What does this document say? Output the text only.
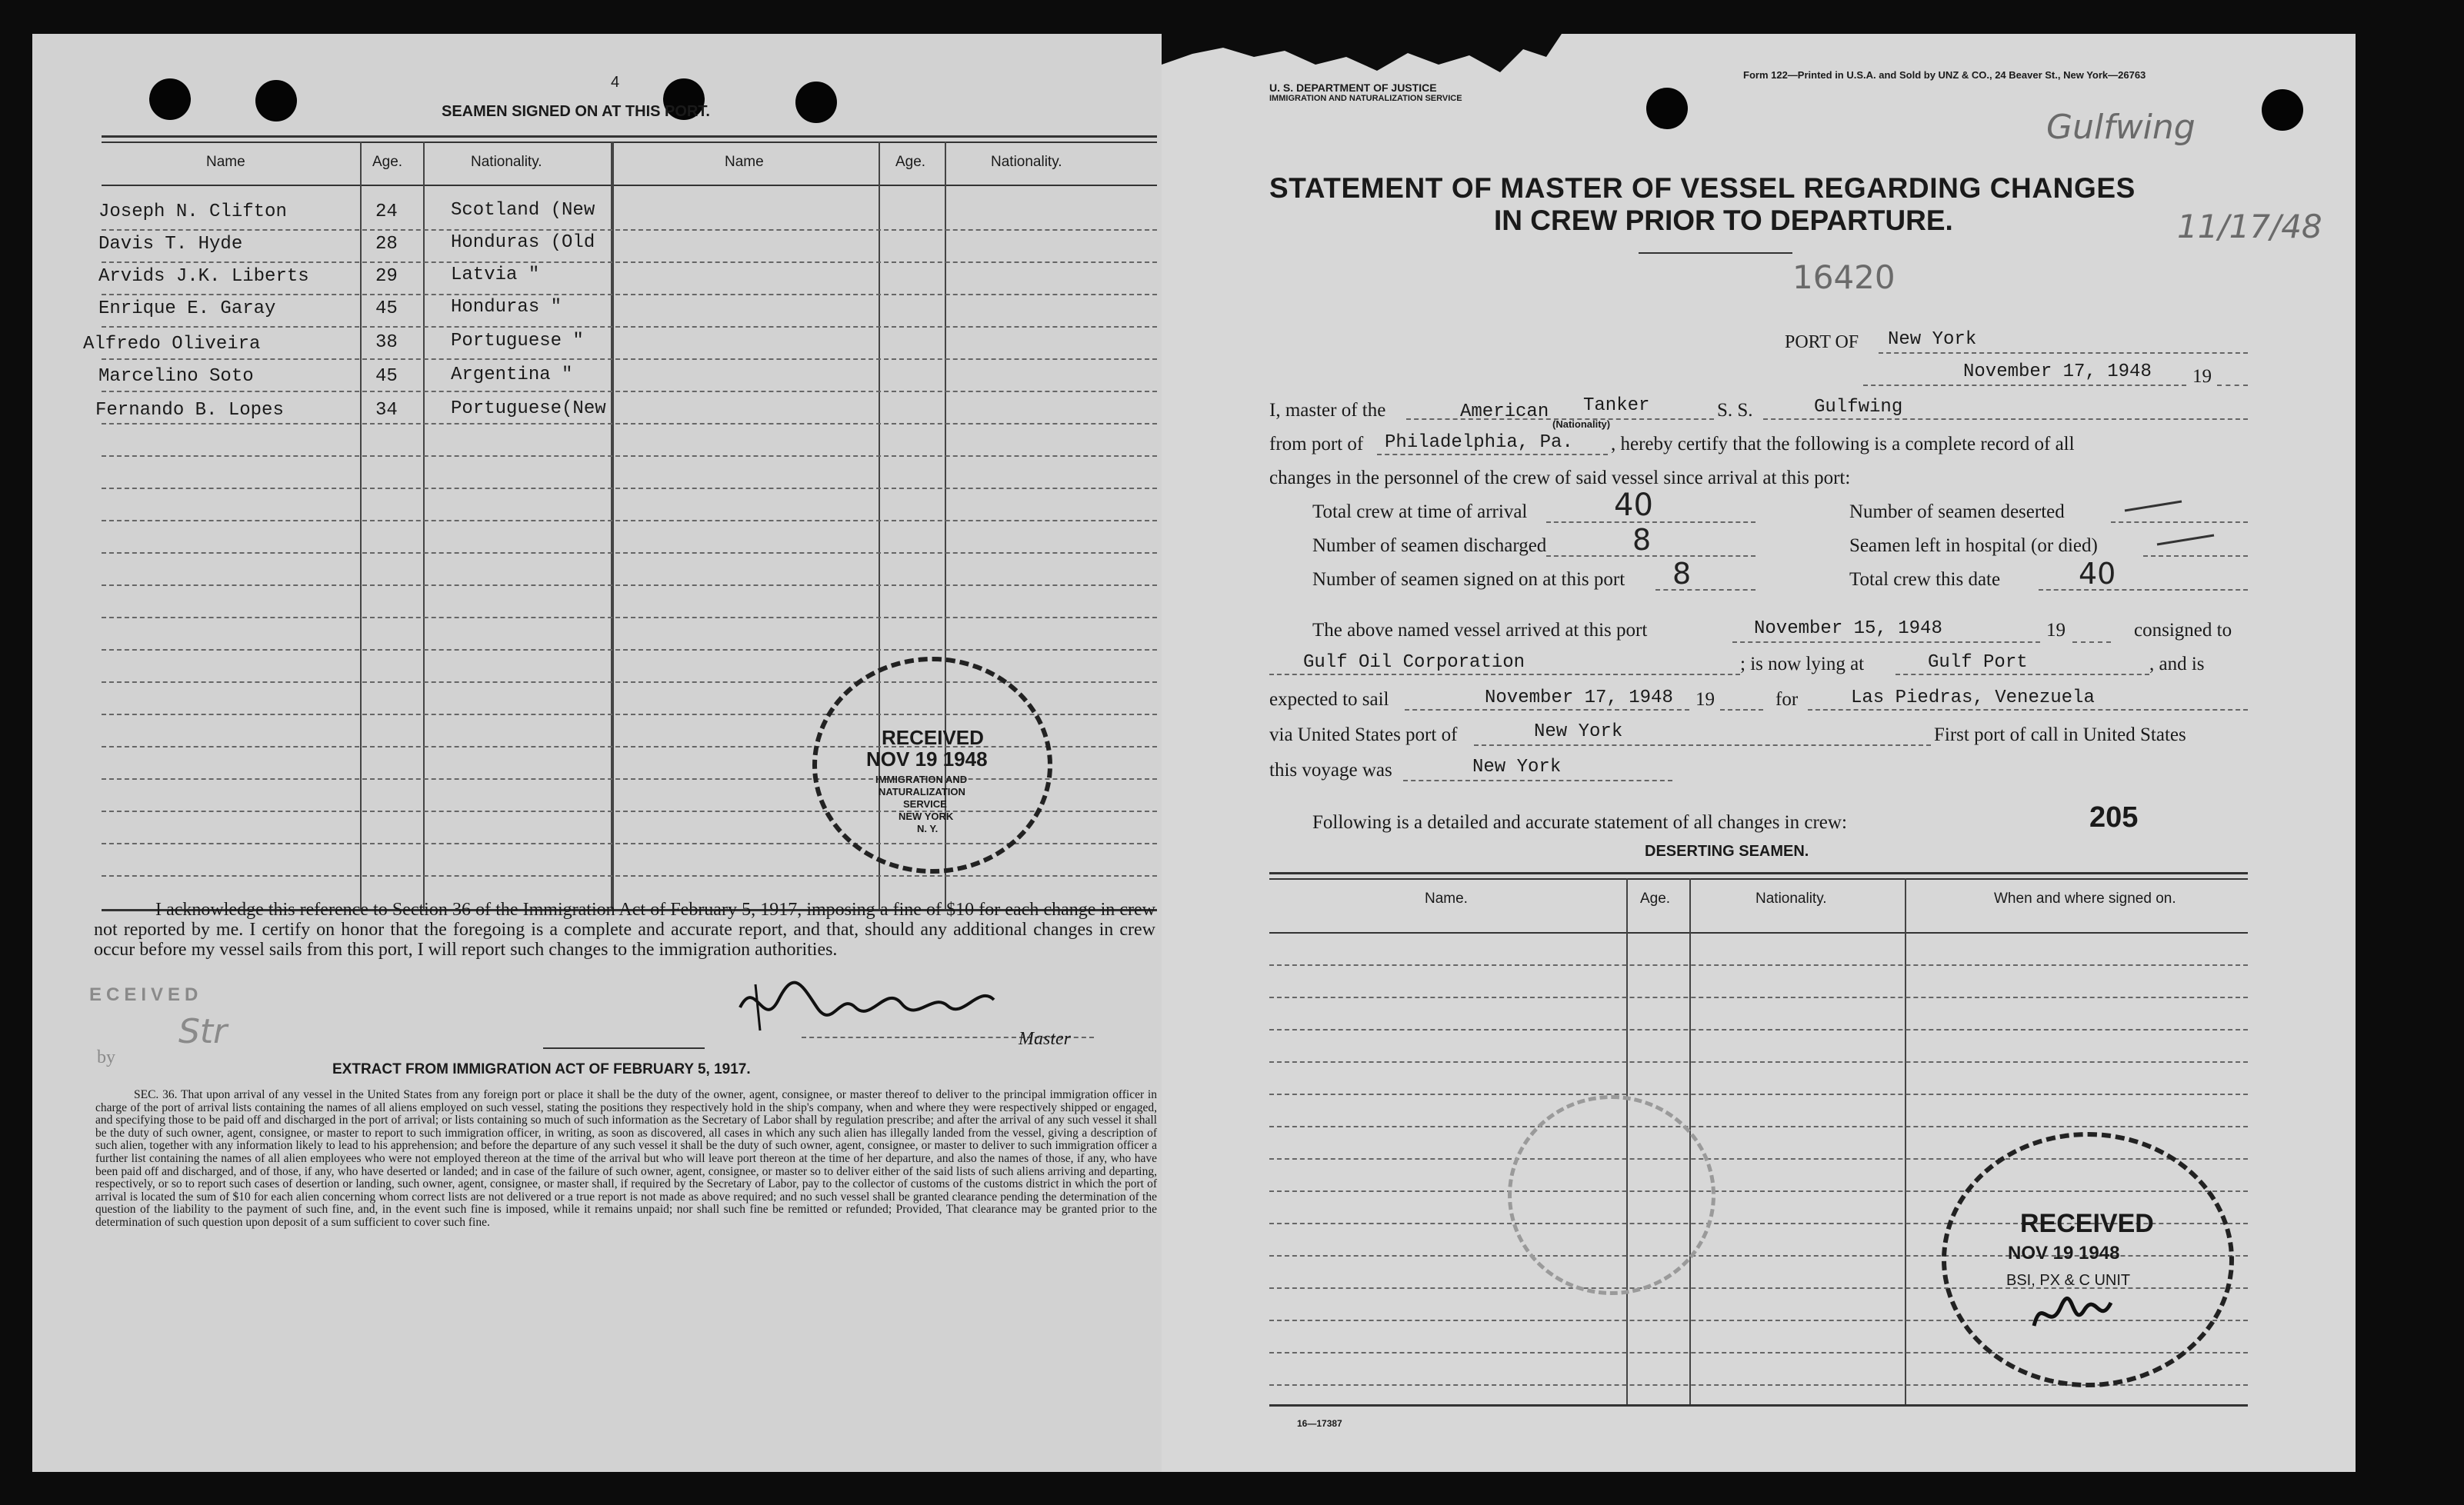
4
SEAMEN SIGNED ON AT THIS PORT.
Name	Age.	Nationality.	Name	Age.	Nationality.
Joseph N. Clifton	24	Scotland (New
Davis T. Hyde	28	Honduras (Old
Arvids J.K. Liberts	29	Latvia "
Enrique E. Garay	45	Honduras "
Alfredo Oliveira	38	Portuguese "
Marcelino Soto	45	Argentina "
Fernando B. Lopes	34	Portuguese(New
RECEIVED
NOV 19 1948
IMMIGRATION AND
NATURALIZATION
SERVICE
NEW YORK
N. Y.
I acknowledge this reference to Section 36 of the Immigration Act of February 5, 1917, imposing a fine of $10 for each change in crew not reported by me. I certify on honor that the foregoing is a complete and accurate report, and that, should any additional changes in crew occur before my vessel sails from this port, I will report such changes to the immigration authorities.
Master
ECEIVED
by
Str
EXTRACT FROM IMMIGRATION ACT OF FEBRUARY 5, 1917.
SEC. 36. That upon arrival of any vessel in the United States from any foreign port or place it shall be the duty of the owner, agent, consignee, or master thereof to deliver to the principal immigration officer in charge of the port of arrival lists containing the names of all aliens employed on such vessel, stating the positions they respectively hold in the ship's company, when and where they were respectively shipped or engaged, and specifying those to be paid off and discharged in the port of arrival; or lists containing so much of such information as the Secretary of Labor shall by regulation prescribe; and after the arrival of any such vessel it shall be the duty of such owner, agent, consignee, or master to report to such immigration officer, in writing, as soon as discovered, all cases in which any such alien has illegally landed from the vessel, giving a description of such alien, together with any information likely to lead to his apprehension; and before the departure of any such vessel it shall be the duty of such owner, agent, consignee, or master to deliver to such immigration officer a further list containing the names of all alien employees who were not employed thereon at the time of the arrival but who will leave port thereon at the time of her departure, and also the names of those, if any, who have been paid off and discharged, and of those, if any, who have deserted or landed; and in case of the failure of such owner, agent, consignee, or master so to deliver either of the said lists of such aliens arriving and departing, respectively, or so to report such cases of desertion or landing, such owner, agent, consignee, or master shall, if required by the Secretary of Labor, pay to the collector of customs of the customs district in which the port of arrival is located the sum of $10 for each alien concerning whom correct lists are not delivered or a true report is not made as above required; and no such vessel shall be granted clearance pending the determination of the question of the liability to the payment of such fine, and, in the event such fine is imposed, while it remains unpaid; nor shall such fine be remitted or refunded; Provided, That clearance may be granted prior to the determination of such question upon deposit of a sum sufficient to cover such fine.
U. S. DEPARTMENT OF JUSTICE
IMMIGRATION AND NATURALIZATION SERVICE
Form 122—Printed in U.S.A. and Sold by UNZ & CO., 24 Beaver St., New York—26763
Gulfwing
11/17/48
16420
STATEMENT OF MASTER OF VESSEL REGARDING CHANGES
IN CREW PRIOR TO DEPARTURE.
PORT OF New York
November 17, 1948 19
I, master of the	American Tanker
(Nationality)
S. S.	Gulfwing
from port of Philadelphia, Pa. , hereby certify that the following is a complete record of all
changes in the personnel of the crew of said vessel since arrival at this port:
Total crew at time of arrival	40
Number of seamen discharged	8
Number of seamen signed on at this port 8
Number of seamen deserted
Seamen left in hospital (or died)
Total crew this date	40
The above named vessel arrived at this port	November 15, 1948	19	consigned to
Gulf Oil Corporation	; is now lying at	Gulf Port	, and is
expected to sail	November 17, 1948 19	for	Las Piedras, Venezuela
via United States port of	New York	First port of call in United States
this voyage was	New York
Following is a detailed and accurate statement of all changes in crew:	205
DESERTING SEAMEN.
Name.	Age.	Nationality.	When and where signed on.
16—17387
RECEIVED
NOV 19 1948
BSI, PX & C UNIT
